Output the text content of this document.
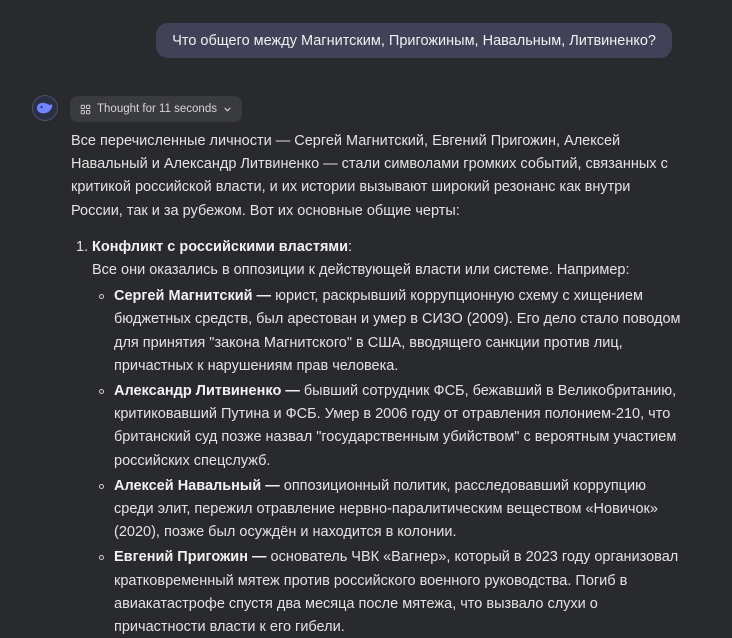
Что общего между Магнитским, Пригожиным, Навальным, Литвиненко?
Thought for 11 seconds

Все перечисленные личности — Сергей Магнитский, Евгений Пригожин, Алексей Навальный и Александр Литвиненко — стали символами громких событий, связанных с критикой российской власти, и их истории вызывают широкий резонанс как внутри России, так и за рубежом. Вот их основные общие черты:

1. Конфликт с российскими властями:
Все они оказались в оппозиции к действующей власти или системе. Например:
Сергей Магнитский — юрист, раскрывший коррупционную схему с хищением бюджетных средств, был арестован и умер в СИЗО (2009). Его дело стало поводом для принятия "закона Магнитского" в США, вводящего санкции против лиц, причастных к нарушениям прав человека.
Александр Литвиненко — бывший сотрудник ФСБ, бежавший в Великобританию, критиковавший Путина и ФСБ. Умер в 2006 году от отравления полонием-210, что британский суд позже назвал "государственным убийством" с вероятным участием российских спецслужб.
Алексей Навальный — оппозиционный политик, расследовавший коррупцию среди элит, пережил отравление нервно-паралитическим веществом «Новичок» (2020), позже был осуждён и находится в колонии.
Евгений Пригожин — основатель ЧВК «Вагнер», который в 2023 году организовал кратковременный мятеж против российского военного руководства. Погиб в авиакатастрофе спустя два месяца после мятежа, что вызвало слухи о причастности власти к его гибели.
